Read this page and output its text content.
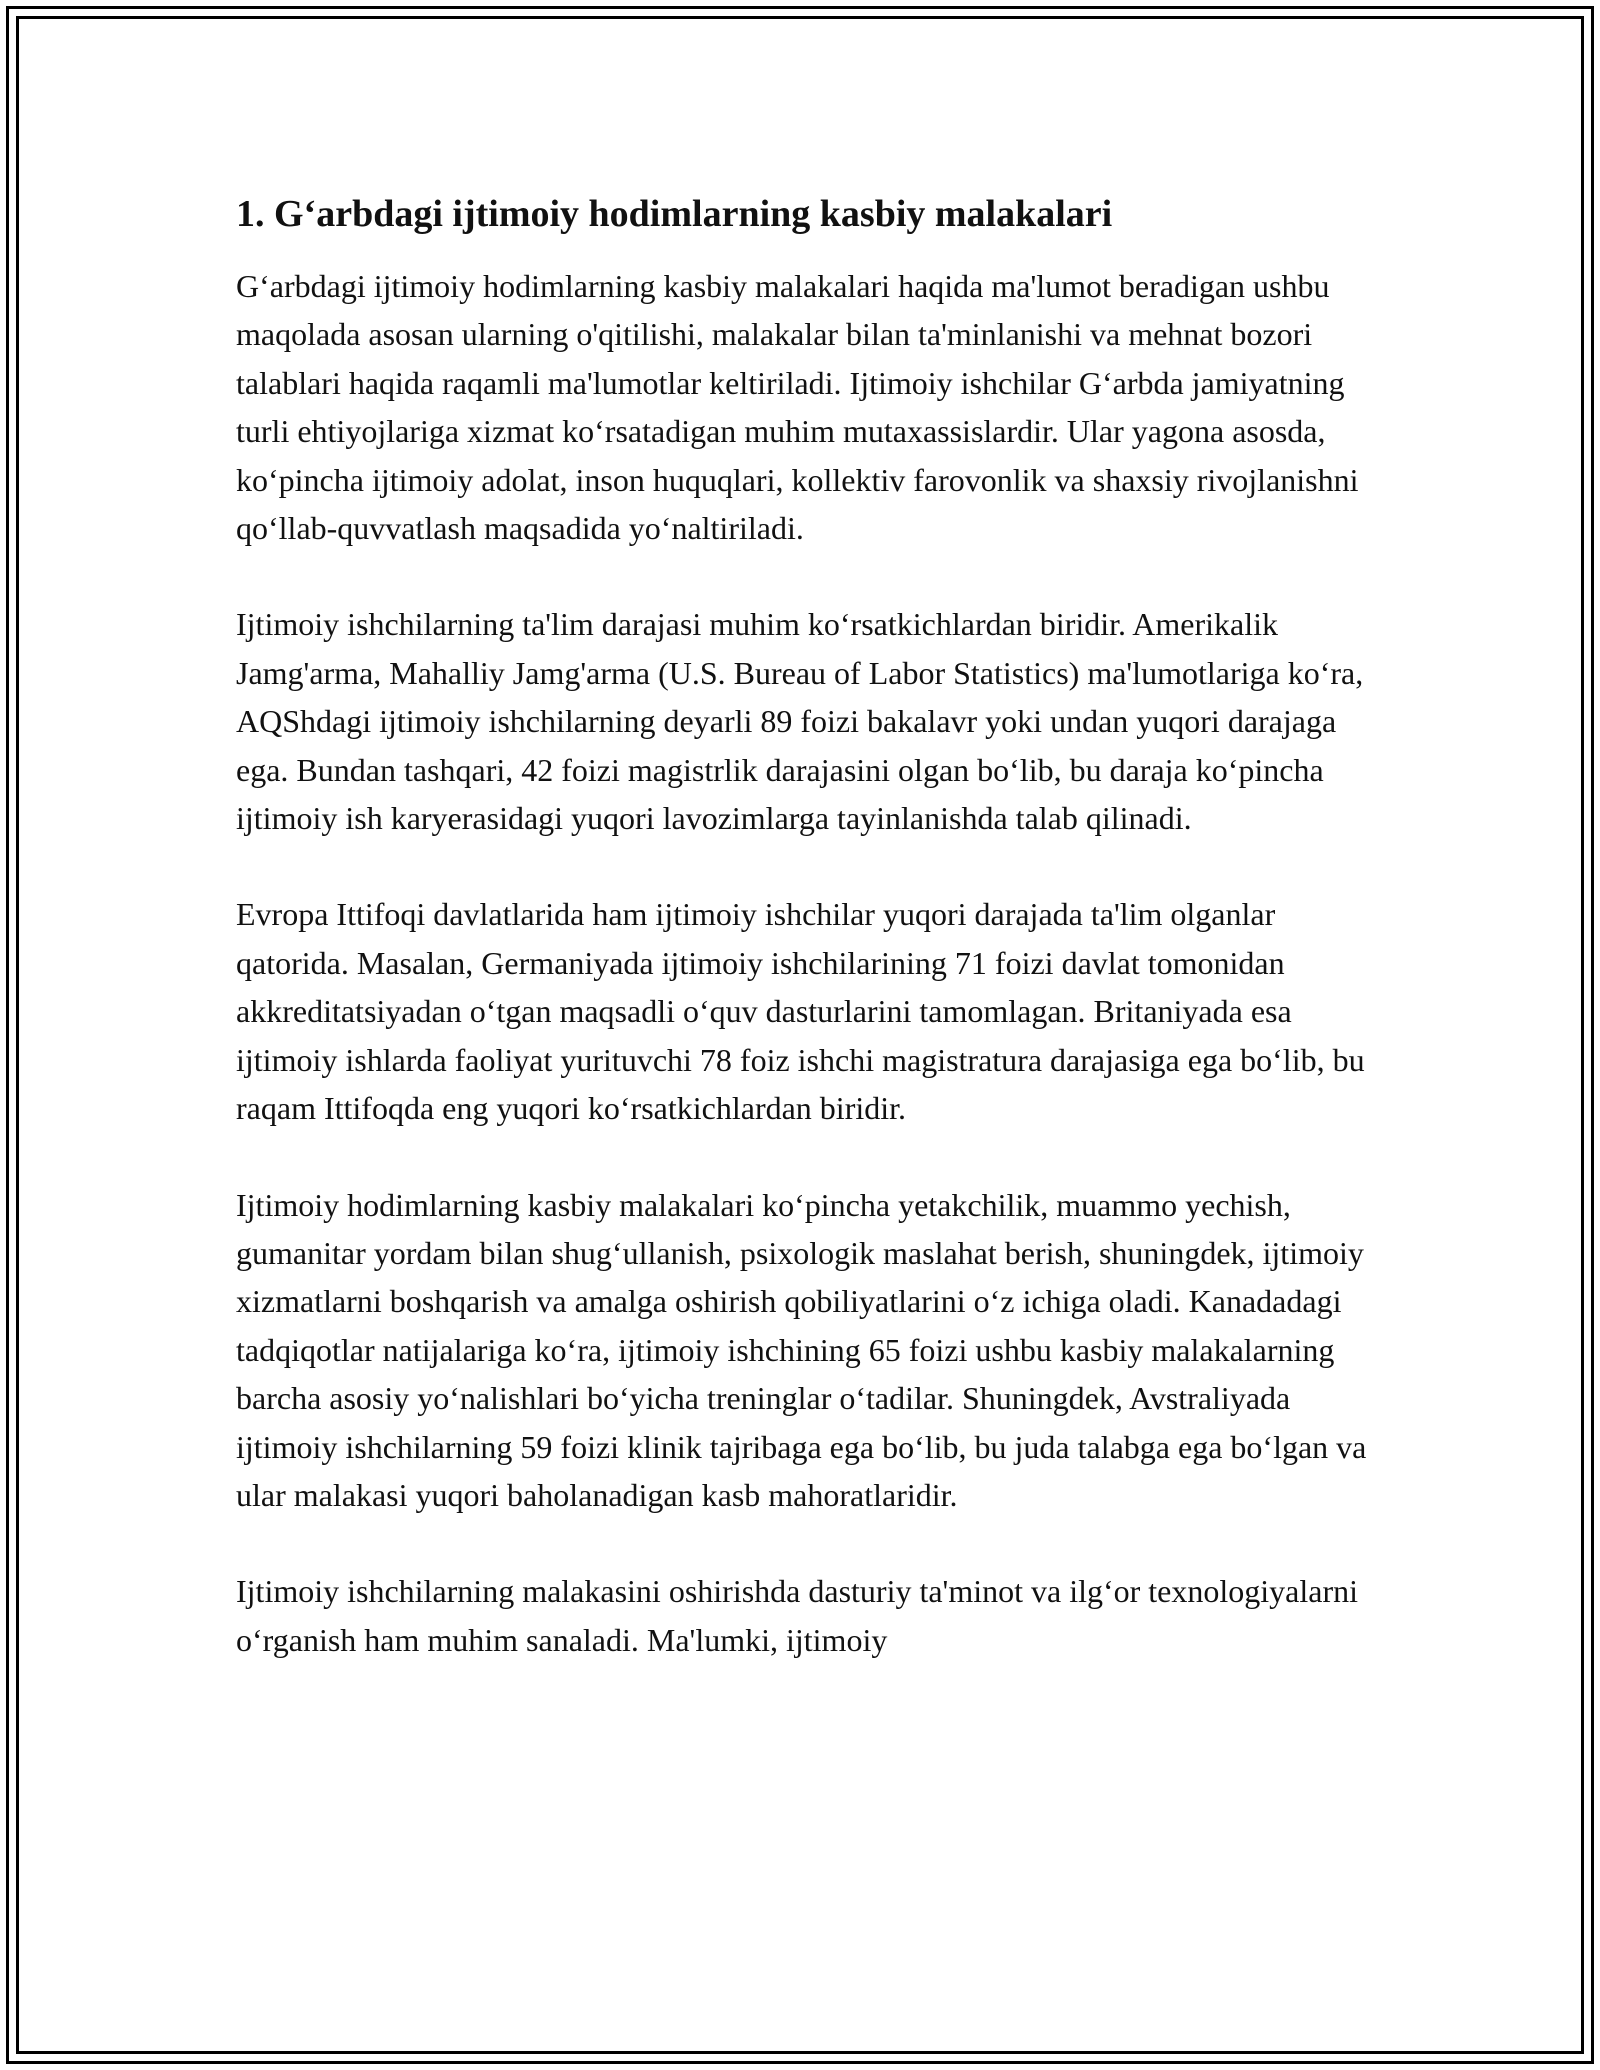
1. G‘arbdagi ijtimoiy hodimlarning kasbiy malakalari

G‘arbdagi ijtimoiy hodimlarning kasbiy malakalari haqida ma'lumot beradigan ushbu maqolada asosan ularning o'qitilishi, malakalar bilan ta'minlanishi va mehnat bozori talablari haqida raqamli ma'lumotlar keltiriladi. Ijtimoiy ishchilar G‘arbda jamiyatning turli ehtiyojlariga xizmat ko‘rsatadigan muhim mutaxassislardir. Ular yagona asosda, ko‘pincha ijtimoiy adolat, inson huquqlari, kollektiv farovonlik va shaxsiy rivojlanishni qo‘llab-quvvatlash maqsadida yo‘naltiriladi.

Ijtimoiy ishchilarning ta'lim darajasi muhim ko‘rsatkichlardan biridir. Amerikalik Jamg'arma, Mahalliy Jamg'arma (U.S. Bureau of Labor Statistics) ma'lumotlariga ko‘ra, AQShdagi ijtimoiy ishchilarning deyarli 89 foizi bakalavr yoki undan yuqori darajaga ega. Bundan tashqari, 42 foizi magistrlik darajasini olgan bo‘lib, bu daraja ko‘pincha ijtimoiy ish karyerasidagi yuqori lavozimlarga tayinlanishda talab qilinadi.

Evropa Ittifoqi davlatlarida ham ijtimoiy ishchilar yuqori darajada ta'lim olganlar qatorida. Masalan, Germaniyada ijtimoiy ishchilarining 71 foizi davlat tomonidan akkreditatsiyadan o‘tgan maqsadli o‘quv dasturlarini tamomlagan. Britaniyada esa ijtimoiy ishlarda faoliyat yurituvchi 78 foiz ishchi magistratura darajasiga ega bo‘lib, bu raqam Ittifoqda eng yuqori ko‘rsatkichlardan biridir.

Ijtimoiy hodimlarning kasbiy malakalari ko‘pincha yetakchilik, muammo yechish, gumanitar yordam bilan shug‘ullanish, psixologik maslahat berish, shuningdek, ijtimoiy xizmatlarni boshqarish va amalga oshirish qobiliyatlarini o‘z ichiga oladi. Kanadadagi tadqiqotlar natijalariga ko‘ra, ijtimoiy ishchining 65 foizi ushbu kasbiy malakalarning barcha asosiy yo‘nalishlari bo‘yicha treninglar o‘tadilar. Shuningdek, Avstraliyada ijtimoiy ishchilarning 59 foizi klinik tajribaga ega bo‘lib, bu juda talabga ega bo‘lgan va ular malakasi yuqori baholanadigan kasb mahoratlaridir.

Ijtimoiy ishchilarning malakasini oshirishda dasturiy ta'minot va ilg‘or texnologiyalarni o‘rganish ham muhim sanaladi. Ma'lumki, ijtimoiy
